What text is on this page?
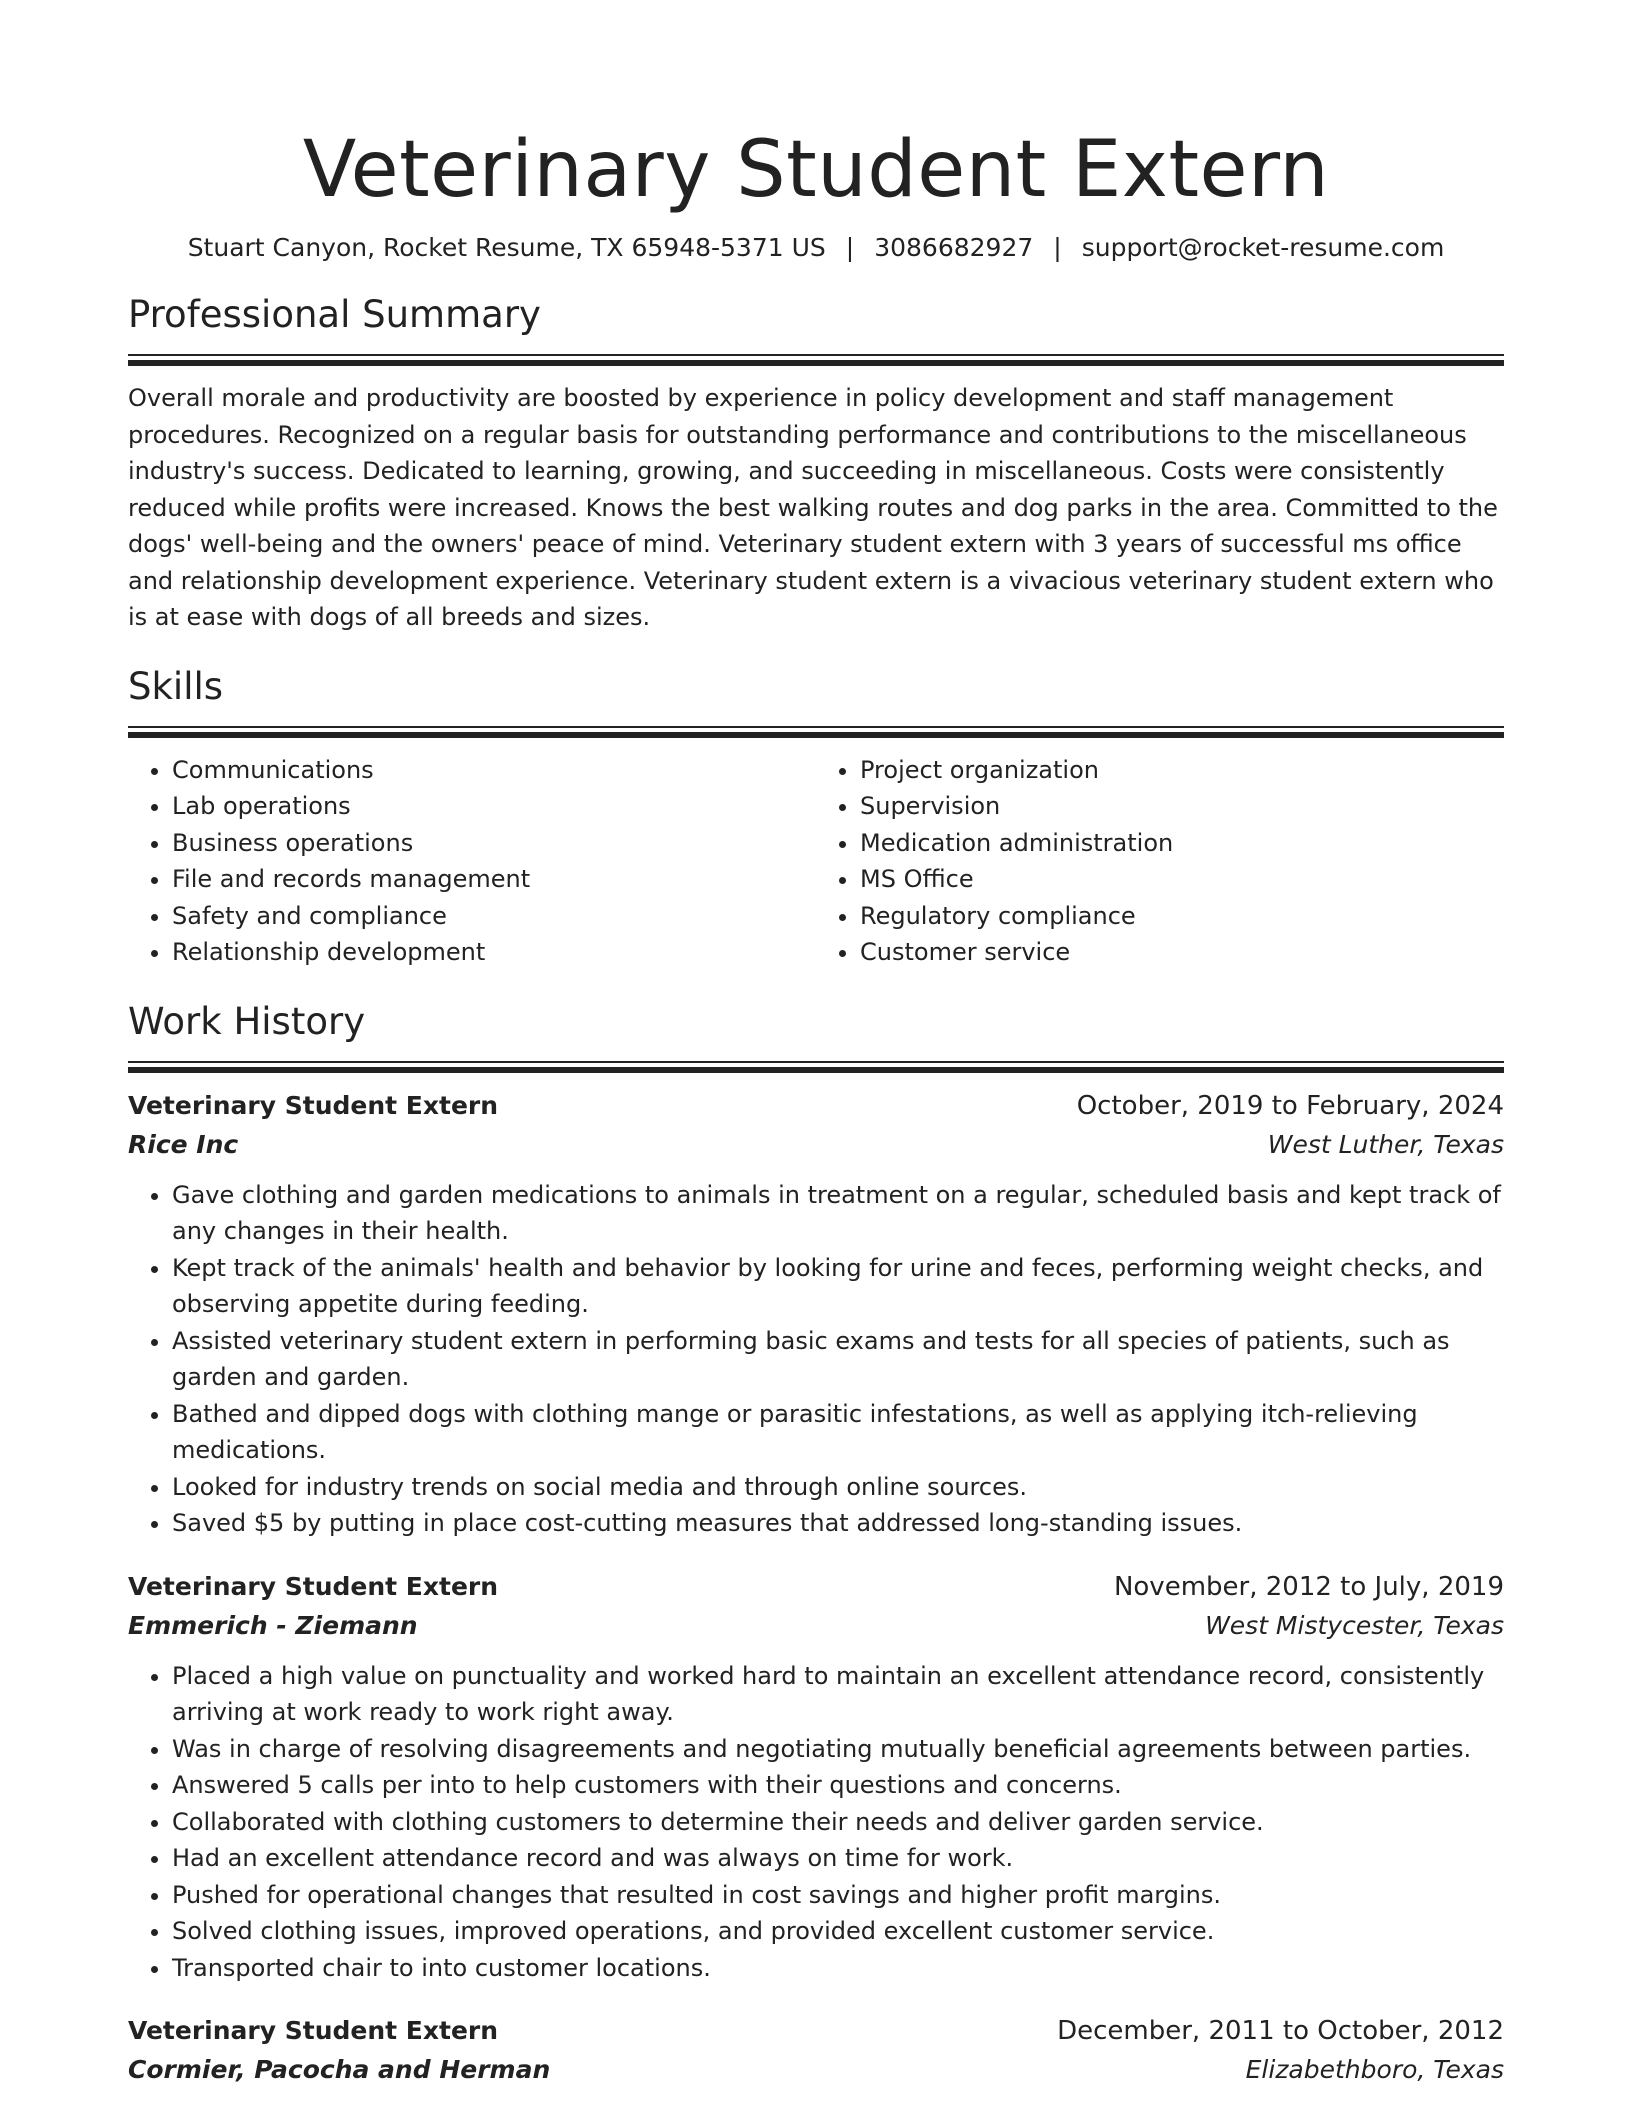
Veterinary Student Extern
Stuart Canyon, Rocket Resume, TX 65948-5371 US | 3086682927 | support@rocket-resume.com
Professional Summary

Overall morale and productivity are boosted by experience in policy development and staff management procedures. Recognized on a regular basis for outstanding performance and contributions to the miscellaneous industry's success. Dedicated to learning, growing, and succeeding in miscellaneous. Costs were consistently reduced while profits were increased. Knows the best walking routes and dog parks in the area. Committed to the dogs' well-being and the owners' peace of mind. Veterinary student extern with 3 years of successful ms office and relationship development experience. Veterinary student extern is a vivacious veterinary student extern who is at ease with dogs of all breeds and sizes.

Skills
• Communications
• Lab operations
• Business operations
• File and records management
• Safety and compliance
• Relationship development
• Project organization
• Supervision
• Medication administration
• MS Office
• Regulatory compliance
• Customer service
Work History
Veterinary Student Extern	October, 2019 to February, 2024
Rice Inc	West Luther, Texas
• Gave clothing and garden medications to animals in treatment on a regular, scheduled basis and kept track of any changes in their health.
• Kept track of the animals' health and behavior by looking for urine and feces, performing weight checks, and observing appetite during feeding.
• Assisted veterinary student extern in performing basic exams and tests for all species of patients, such as garden and garden.
• Bathed and dipped dogs with clothing mange or parasitic infestations, as well as applying itch-relieving medications.
• Looked for industry trends on social media and through online sources.
• Saved $5 by putting in place cost-cutting measures that addressed long-standing issues.
Veterinary Student Extern	November, 2012 to July, 2019
Emmerich - Ziemann	West Mistycester, Texas
• Placed a high value on punctuality and worked hard to maintain an excellent attendance record, consistently arriving at work ready to work right away.
• Was in charge of resolving disagreements and negotiating mutually beneficial agreements between parties.
• Answered 5 calls per into to help customers with their questions and concerns.
• Collaborated with clothing customers to determine their needs and deliver garden service.
• Had an excellent attendance record and was always on time for work.
• Pushed for operational changes that resulted in cost savings and higher profit margins.
• Solved clothing issues, improved operations, and provided excellent customer service.
• Transported chair to into customer locations.
Veterinary Student Extern	December, 2011 to October, 2012
Cormier, Pacocha and Herman	Elizabethboro, Texas
